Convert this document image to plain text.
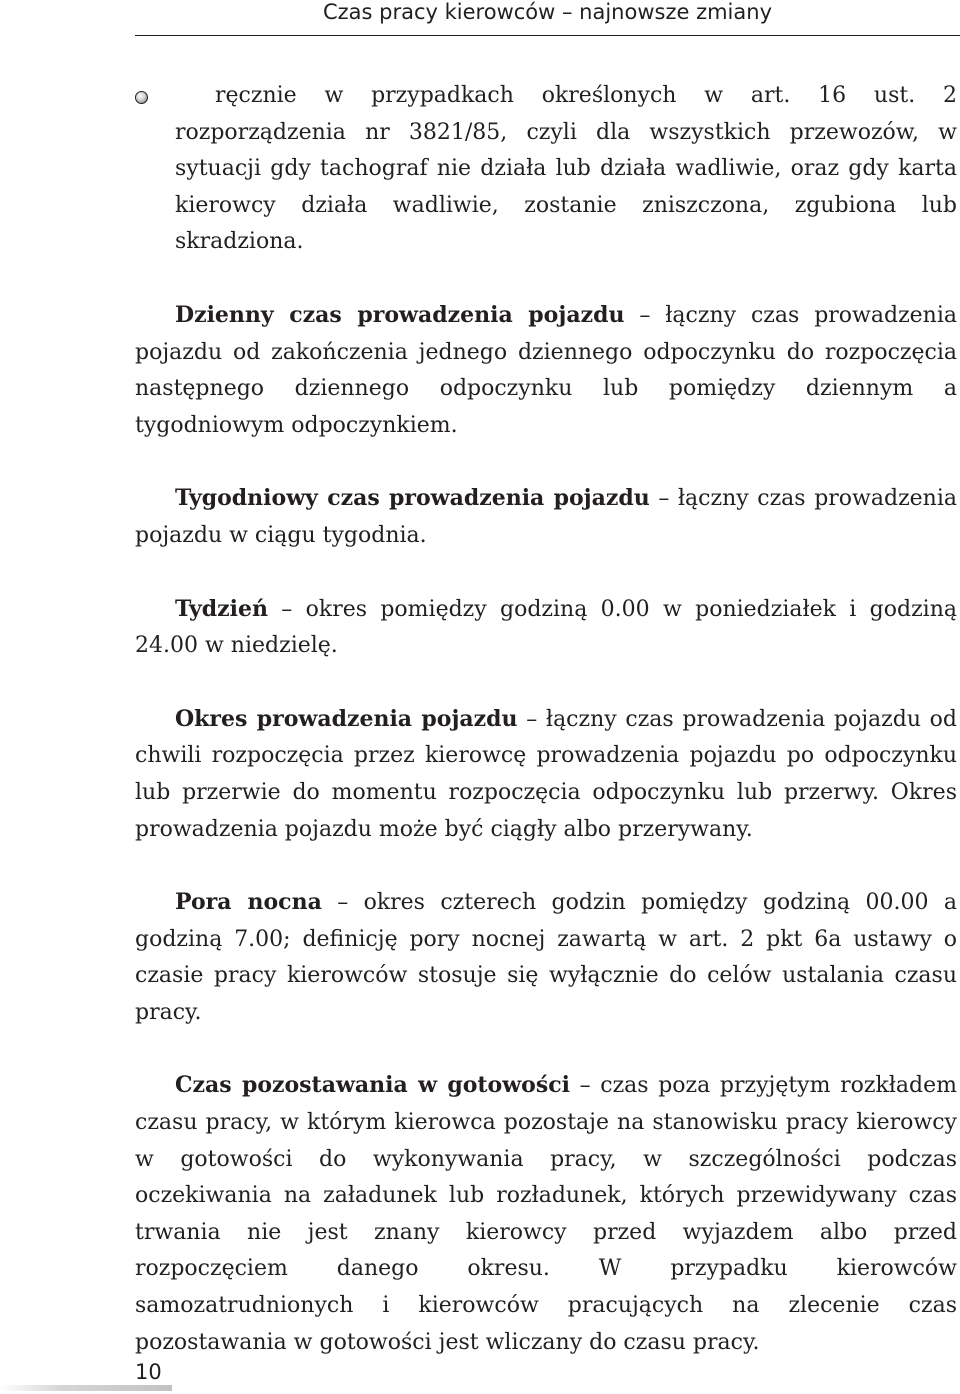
Czas pracy kierowców – najnowsze zmiany

ręcznie w przypadkach określonych w art. 16 ust. 2 rozporządzenia nr 3821/85, czyli dla wszystkich przewozów, w sytuacji gdy tachograf nie działa lub działa wadliwie, oraz gdy karta kierowcy działa wadliwie, zostanie zniszczona, zgubiona lub skradziona.

Dzienny czas prowadzenia pojazdu – łączny czas prowadzenia pojazdu od zakończenia jednego dziennego odpoczynku do rozpoczęcia następnego dziennego odpoczynku lub pomiędzy dziennym a tygodniowym odpoczynkiem.

Tygodniowy czas prowadzenia pojazdu – łączny czas prowadzenia pojazdu w ciągu tygodnia.

Tydzień – okres pomiędzy godziną 0.00 w poniedziałek i godziną 24.00 w niedzielę.

Okres prowadzenia pojazdu – łączny czas prowadzenia pojazdu od chwili rozpoczęcia przez kierowcę prowadzenia pojazdu po odpoczynku lub przerwie do momentu rozpoczęcia odpoczynku lub przerwy. Okres prowadzenia pojazdu może być ciągły albo przerywany.

Pora nocna – okres czterech godzin pomiędzy godziną 00.00 a godziną 7.00; definicję pory nocnej zawartą w art. 2 pkt 6a ustawy o czasie pracy kierowców stosuje się wyłącznie do celów ustalania czasu pracy.

Czas pozostawania w gotowości – czas poza przyjętym rozkładem czasu pracy, w którym kierowca pozostaje na stanowisku pracy kierowcy w gotowości do wykonywania pracy, w szczególności podczas oczekiwania na załadunek lub rozładunek, których przewidywany czas trwania nie jest znany kierowcy przed wyjazdem albo przed rozpoczęciem danego okresu. W przypadku kierowców samozatrudnionych i kierowców pracujących na zlecenie czas pozostawania w gotowości jest wliczany do czasu pracy.

10
